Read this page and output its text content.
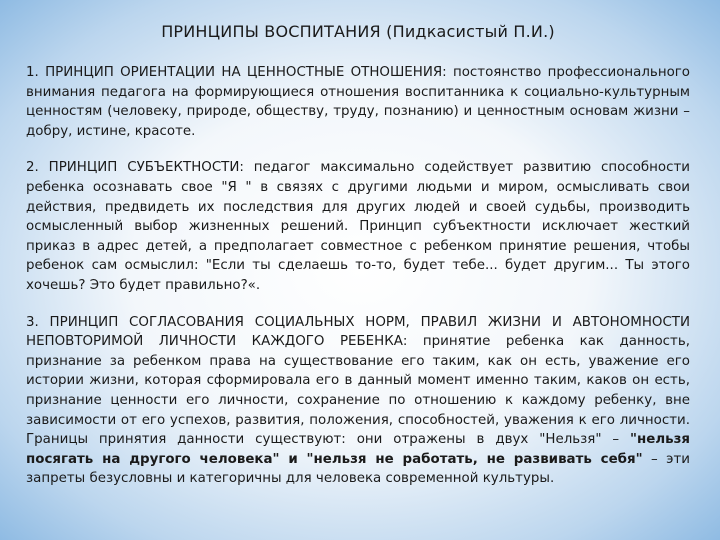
ПРИНЦИПЫ ВОСПИТАНИЯ (Пидкасистый П.И.)

1. ПРИНЦИП ОРИЕНТАЦИИ НА ЦЕННОСТНЫЕ ОТНОШЕНИЯ: постоянство профессионального внимания педагога на формирующиеся отношения воспитанника к социально-культурным ценностям (человеку, природе, обществу, труду, познанию) и ценностным основам жизни – добру, истине, красоте.

2. ПРИНЦИП СУБЪЕКТНОСТИ: педагог максимально содействует развитию способности ребенка осознавать свое "Я " в связях с другими людьми и миром, осмысливать свои действия, предвидеть их последствия для других людей и своей судьбы, производить осмысленный выбор жизненных решений. Принцип субъектности исключает жесткий приказ в адрес детей, а предполагает совместное с ребенком принятие решения, чтобы ребенок сам осмыслил: "Если ты сделаешь то-то, будет тебе... будет другим... Ты этого хочешь? Это будет правильно?«.

3. ПРИНЦИП СОГЛАСОВАНИЯ СОЦИАЛЬНЫХ НОРМ, ПРАВИЛ ЖИЗНИ И АВТОНОМНОСТИ НЕПОВТОРИМОЙ ЛИЧНОСТИ КАЖДОГО РЕБЕНКА: принятие ребенка как данность, признание за ребенком права на существование его таким, как он есть, уважение его истории жизни, которая сформировала его в данный момент именно таким, каков он есть, признание ценности его личности, сохранение по отношению к каждому ребенку, вне зависимости от его успехов, развития, положения, способностей, уважения к его личности. Границы принятия данности существуют: они отражены в двух "Нельзя" – "нельзя посягать на другого человека" и "нельзя не работать, не развивать себя" – эти запреты безусловны и категоричны для человека современной культуры.
